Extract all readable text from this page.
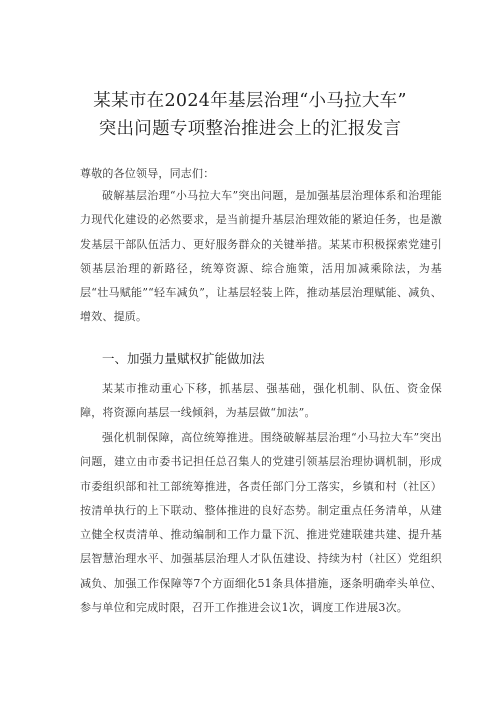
某某市在2024年基层治理“小马拉大车”
突出问题专项整治推进会上的汇报发言
尊敬的各位领导，同志们：
破解基层治理“小马拉大车”突出问题，是加强基层治理体系和治理能力现代化建设的必然要求，是当前提升基层治理效能的紧迫任务，也是激发基层干部队伍活力、更好服务群众的关键举措。某某市积极探索党建引领基层治理的新路径，统筹资源、综合施策，活用加减乘除法，为基层“壮马赋能”“轻车减负”，让基层轻装上阵，推动基层治理赋能、减负、增效、提质。
一、加强力量赋权扩能做加法
某某市推动重心下移，抓基层、强基础，强化机制、队伍、资金保障，将资源向基层一线倾斜，为基层做“加法”。
强化机制保障，高位统筹推进。围绕破解基层治理“小马拉大车”突出问题，建立由市委书记担任总召集人的党建引领基层治理协调机制，形成市委组织部和社工部统筹推进，各责任部门分工落实，乡镇和村（社区）按清单执行的上下联动、整体推进的良好态势。制定重点任务清单，从建立健全权责清单、推动编制和工作力量下沉、推进党建联建共建、提升基层智慧治理水平、加强基层治理人才队伍建设、持续为村（社区）党组织减负、加强工作保障等7个方面细化51条具体措施，逐条明确牵头单位、参与单位和完成时限，召开工作推进会议1次，调度工作进展3次。
